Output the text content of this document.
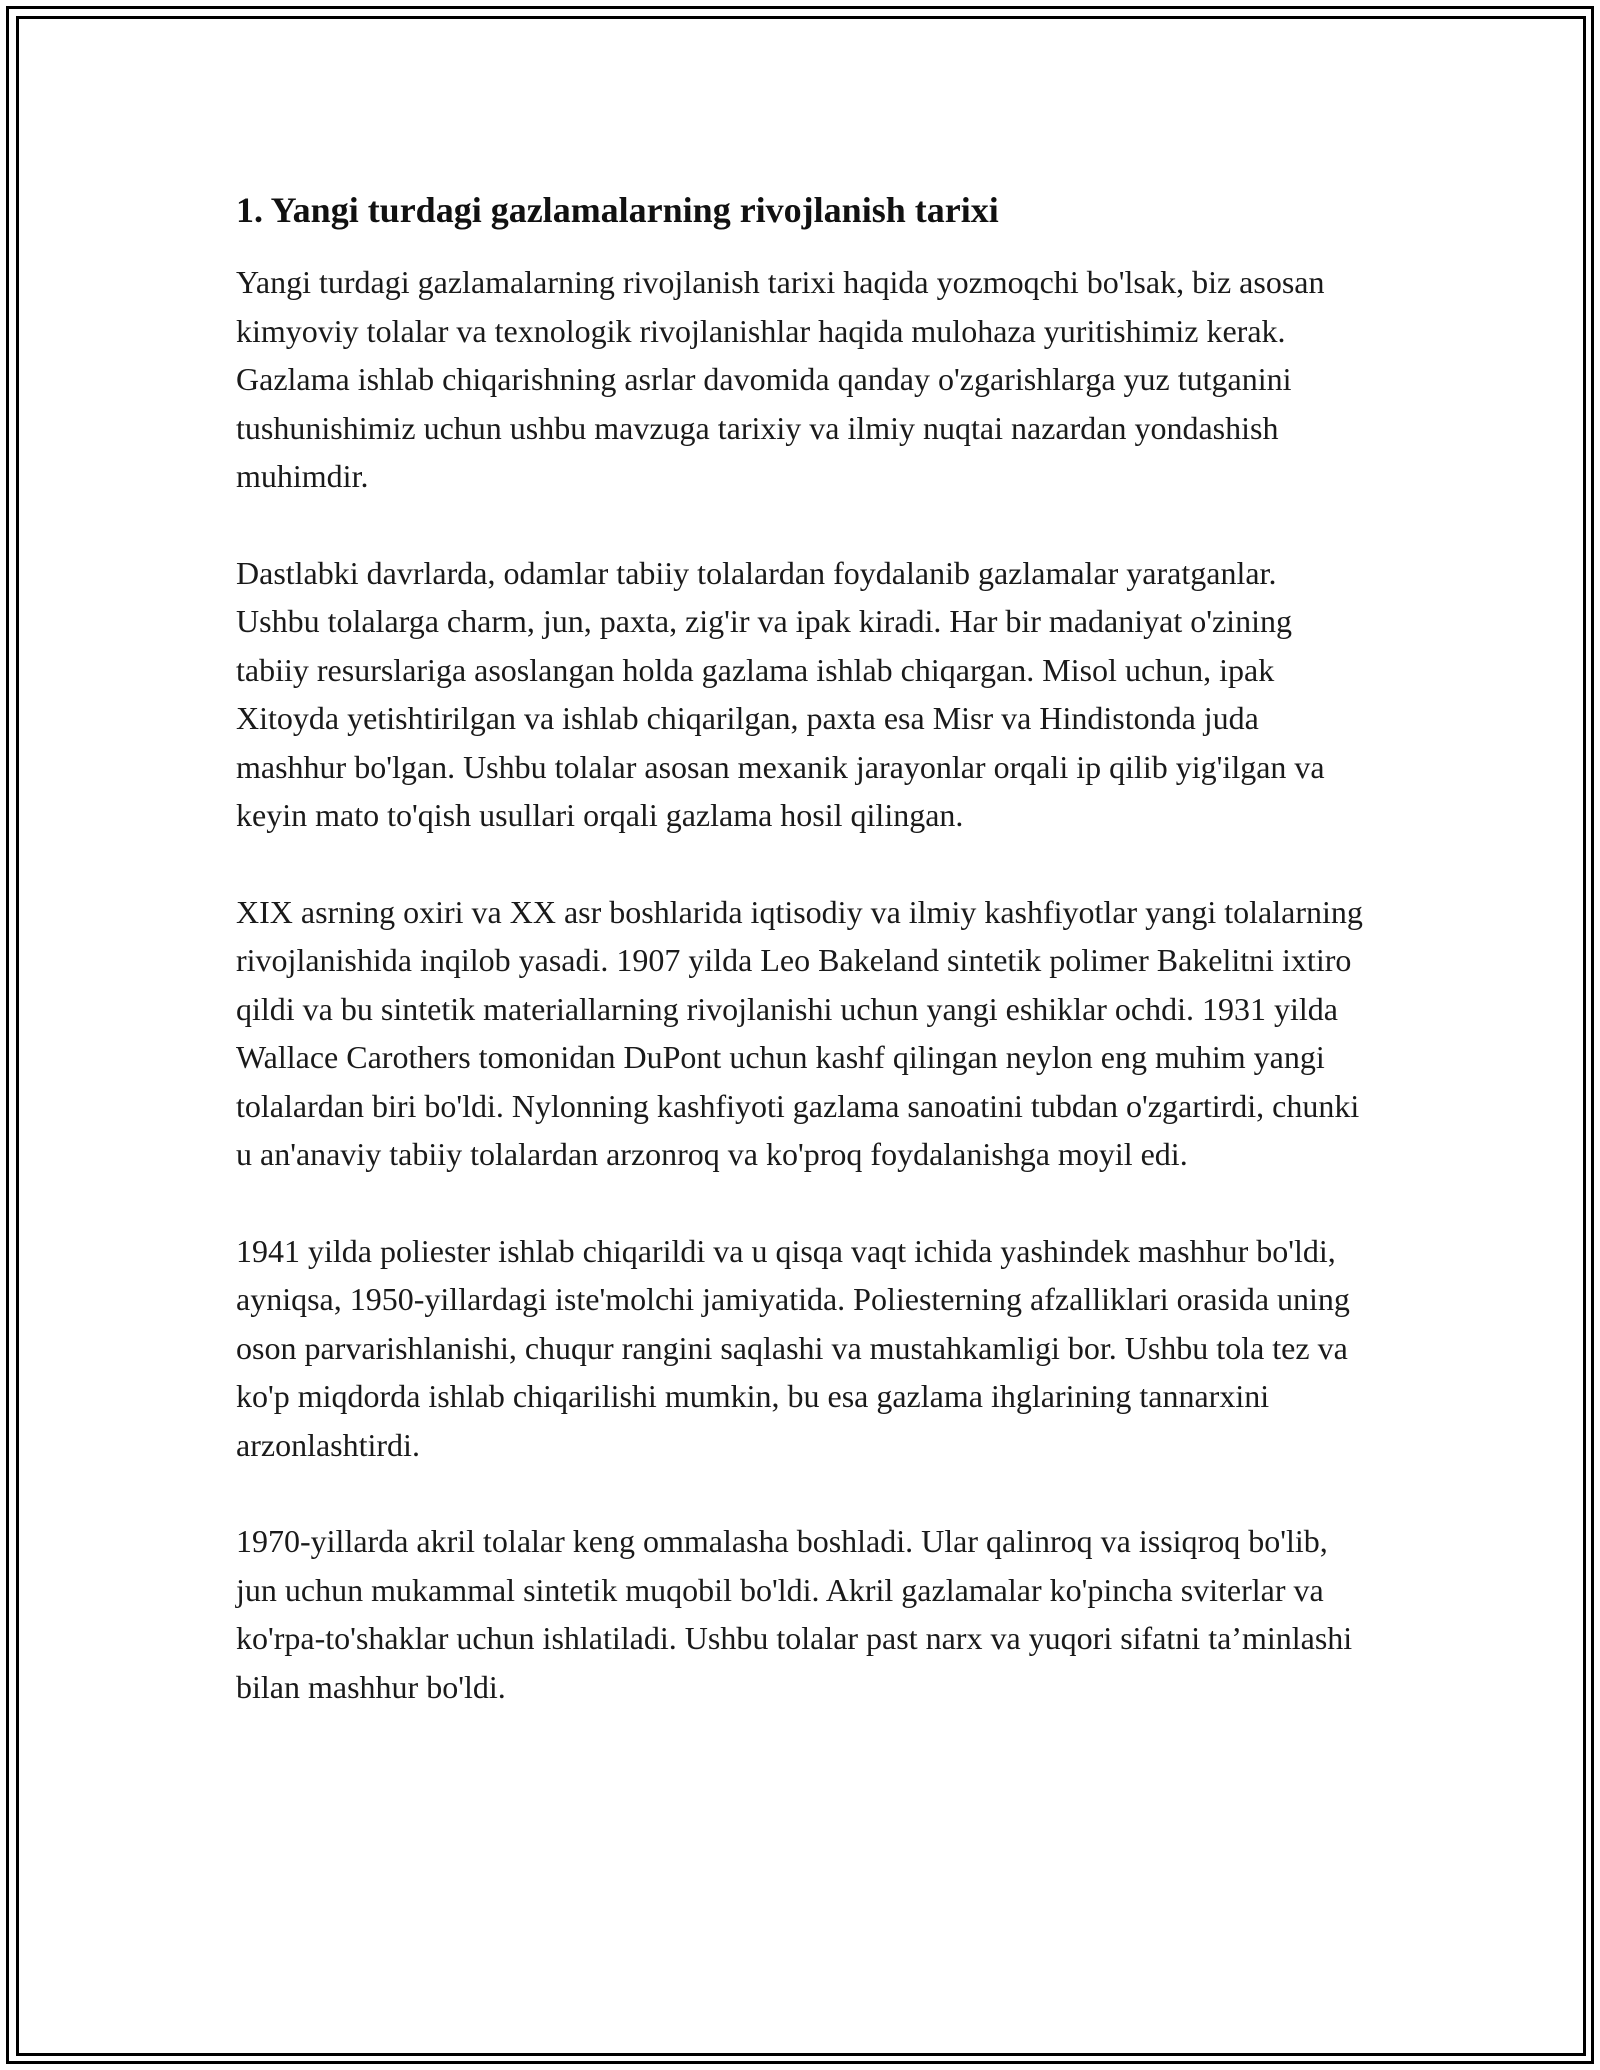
1. Yangi turdagi gazlamalarning rivojlanish tarixi

Yangi turdagi gazlamalarning rivojlanish tarixi haqida yozmoqchi bo'lsak, biz asosan kimyoviy tolalar va texnologik rivojlanishlar haqida mulohaza yuritishimiz kerak. Gazlama ishlab chiqarishning asrlar davomida qanday o'zgarishlarga yuz tutganini tushunishimiz uchun ushbu mavzuga tarixiy va ilmiy nuqtai nazardan yondashish muhimdir.

Dastlabki davrlarda, odamlar tabiiy tolalardan foydalanib gazlamalar yaratganlar. Ushbu tolalarga charm, jun, paxta, zig'ir va ipak kiradi. Har bir madaniyat o'zining tabiiy resurslariga asoslangan holda gazlama ishlab chiqargan. Misol uchun, ipak Xitoyda yetishtirilgan va ishlab chiqarilgan, paxta esa Misr va Hindistonda juda mashhur bo'lgan. Ushbu tolalar asosan mexanik jarayonlar orqali ip qilib yig'ilgan va keyin mato to'qish usullari orqali gazlama hosil qilingan.

XIX asrning oxiri va XX asr boshlarida iqtisodiy va ilmiy kashfiyotlar yangi tolalarning rivojlanishida inqilob yasadi. 1907 yilda Leo Bakeland sintetik polimer Bakelitni ixtiro qildi va bu sintetik materiallarning rivojlanishi uchun yangi eshiklar ochdi. 1931 yilda Wallace Carothers tomonidan DuPont uchun kashf qilingan neylon eng muhim yangi tolalardan biri bo'ldi. Nylonning kashfiyoti gazlama sanoatini tubdan o'zgartirdi, chunki u an'anaviy tabiiy tolalardan arzonroq va ko'proq foydalanishga moyil edi.

1941 yilda poliester ishlab chiqarildi va u qisqa vaqt ichida yashindek mashhur bo'ldi, ayniqsa, 1950-yillardagi iste'molchi jamiyatida. Poliesterning afzalliklari orasida uning oson parvarishlanishi, chuqur rangini saqlashi va mustahkamligi bor. Ushbu tola tez va ko'p miqdorda ishlab chiqarilishi mumkin, bu esa gazlama ihglarining tannarxini arzonlashtirdi.

1970-yillarda akril tolalar keng ommalasha boshladi. Ular qalinroq va issiqroq bo'lib, jun uchun mukammal sintetik muqobil bo'ldi. Akril gazlamalar ko'pincha sviterlar va ko'rpa-to'shaklar uchun ishlatiladi. Ushbu tolalar past narx va yuqori sifatni ta’minlashi bilan mashhur bo'ldi.
